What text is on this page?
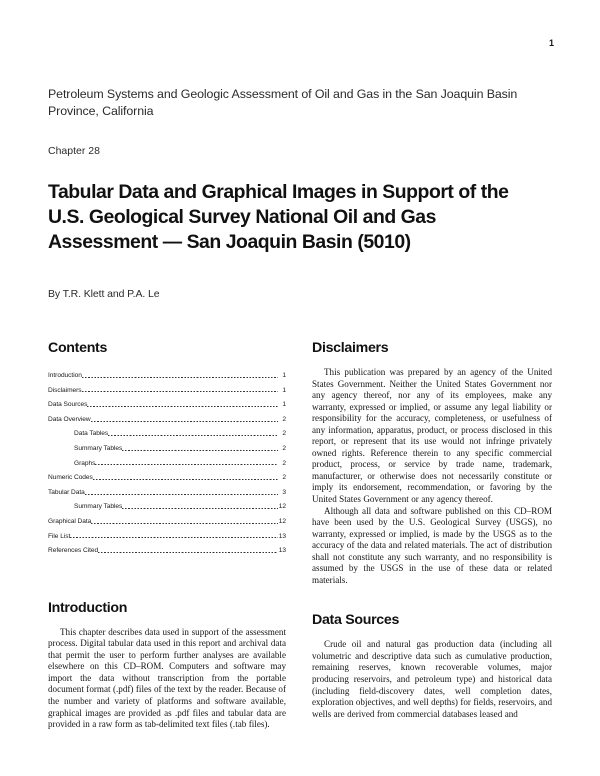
1
Petroleum Systems and Geologic Assessment of Oil and Gas in the San Joaquin Basin Province, California
Chapter 28
Tabular Data and Graphical Images in Support of the U.S. Geological Survey National Oil and Gas Assessment — San Joaquin Basin (5010)
By T.R. Klett and P.A. Le
Contents
Introduction	1
Disclaimers	1
Data Sources	1
Data Overview	2
Data Tables	2
Summary Tables	2
Graphs	2
Numeric Codes	2
Tabular Data	3
Summary Tables	12
Graphical Data	12
File List	13
References Cited	13
Introduction

This chapter describes data used in support of the assessment process. Digital tabular data used in this report and archival data that permit the user to perform further analyses are available elsewhere on this CD–ROM. Computers and software may import the data without transcription from the portable document format (.pdf) files of the text by the reader. Because of the number and variety of platforms and software available, graphical images are provided as .pdf files and tabular data are provided in a raw form as tab-delimited text files (.tab files).

Disclaimers

This publication was prepared by an agency of the United States Government. Neither the United States Government nor any agency thereof, nor any of its employees, make any warranty, expressed or implied, or assume any legal liability or responsibility for the accuracy, completeness, or usefulness of any information, apparatus, product, or process disclosed in this report, or represent that its use would not infringe privately owned rights. Reference therein to any specific commercial product, process, or service by trade name, trademark, manufacturer, or otherwise does not necessarily constitute or imply its endorsement, recommendation, or favoring by the United States Government or any agency thereof.

Although all data and software published on this CD–ROM have been used by the U.S. Geological Survey (USGS), no warranty, expressed or implied, is made by the USGS as to the accuracy of the data and related materials. The act of distribution shall not constitute any such warranty, and no responsibility is assumed by the USGS in the use of these data or related materials.

Data Sources

Crude oil and natural gas production data (including all volumetric and descriptive data such as cumulative production, remaining reserves, known recoverable volumes, major producing reservoirs, and petroleum type) and historical data (including field-discovery dates, well completion dates, exploration objectives, and well depths) for fields, reservoirs, and wells are derived from commercial databases leased and
